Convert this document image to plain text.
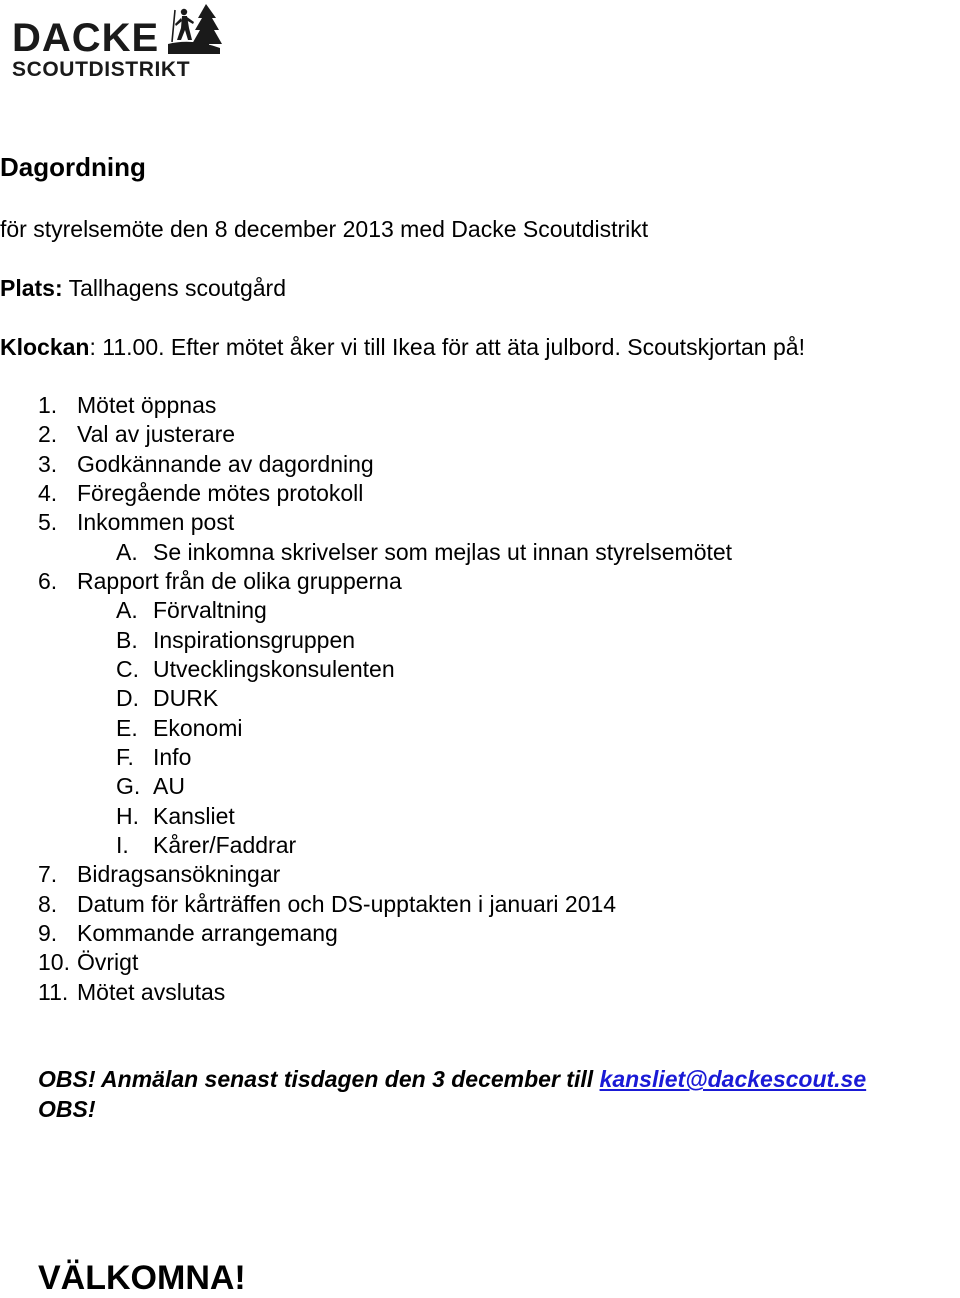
DACKE
SCOUTDISTRIKT
Dagordning
för styrelsemöte den 8 december 2013 med Dacke Scoutdistrikt
Plats: Tallhagens scoutgård
Klockan: 11.00. Efter mötet åker vi till Ikea för att äta julbord. Scoutskjortan på!
1. Mötet öppnas
2. Val av justerare
3. Godkännande av dagordning
4. Föregående mötes protokoll
5. Inkommen post
A. Se inkomna skrivelser som mejlas ut innan styrelsemötet
6. Rapport från de olika grupperna
A. Förvaltning
B. Inspirationsgruppen
C. Utvecklingskonsulenten
D. DURK
E. Ekonomi
F. Info
G. AU
H. Kansliet
I. Kårer/Faddrar
7. Bidragsansökningar
8. Datum för kårträffen och DS-upptakten i januari 2014
9. Kommande arrangemang
10. Övrigt
11. Mötet avslutas
OBS! Anmälan senast tisdagen den 3 december till kansliet@dackescout.se
OBS!
VÄLKOMNA!
